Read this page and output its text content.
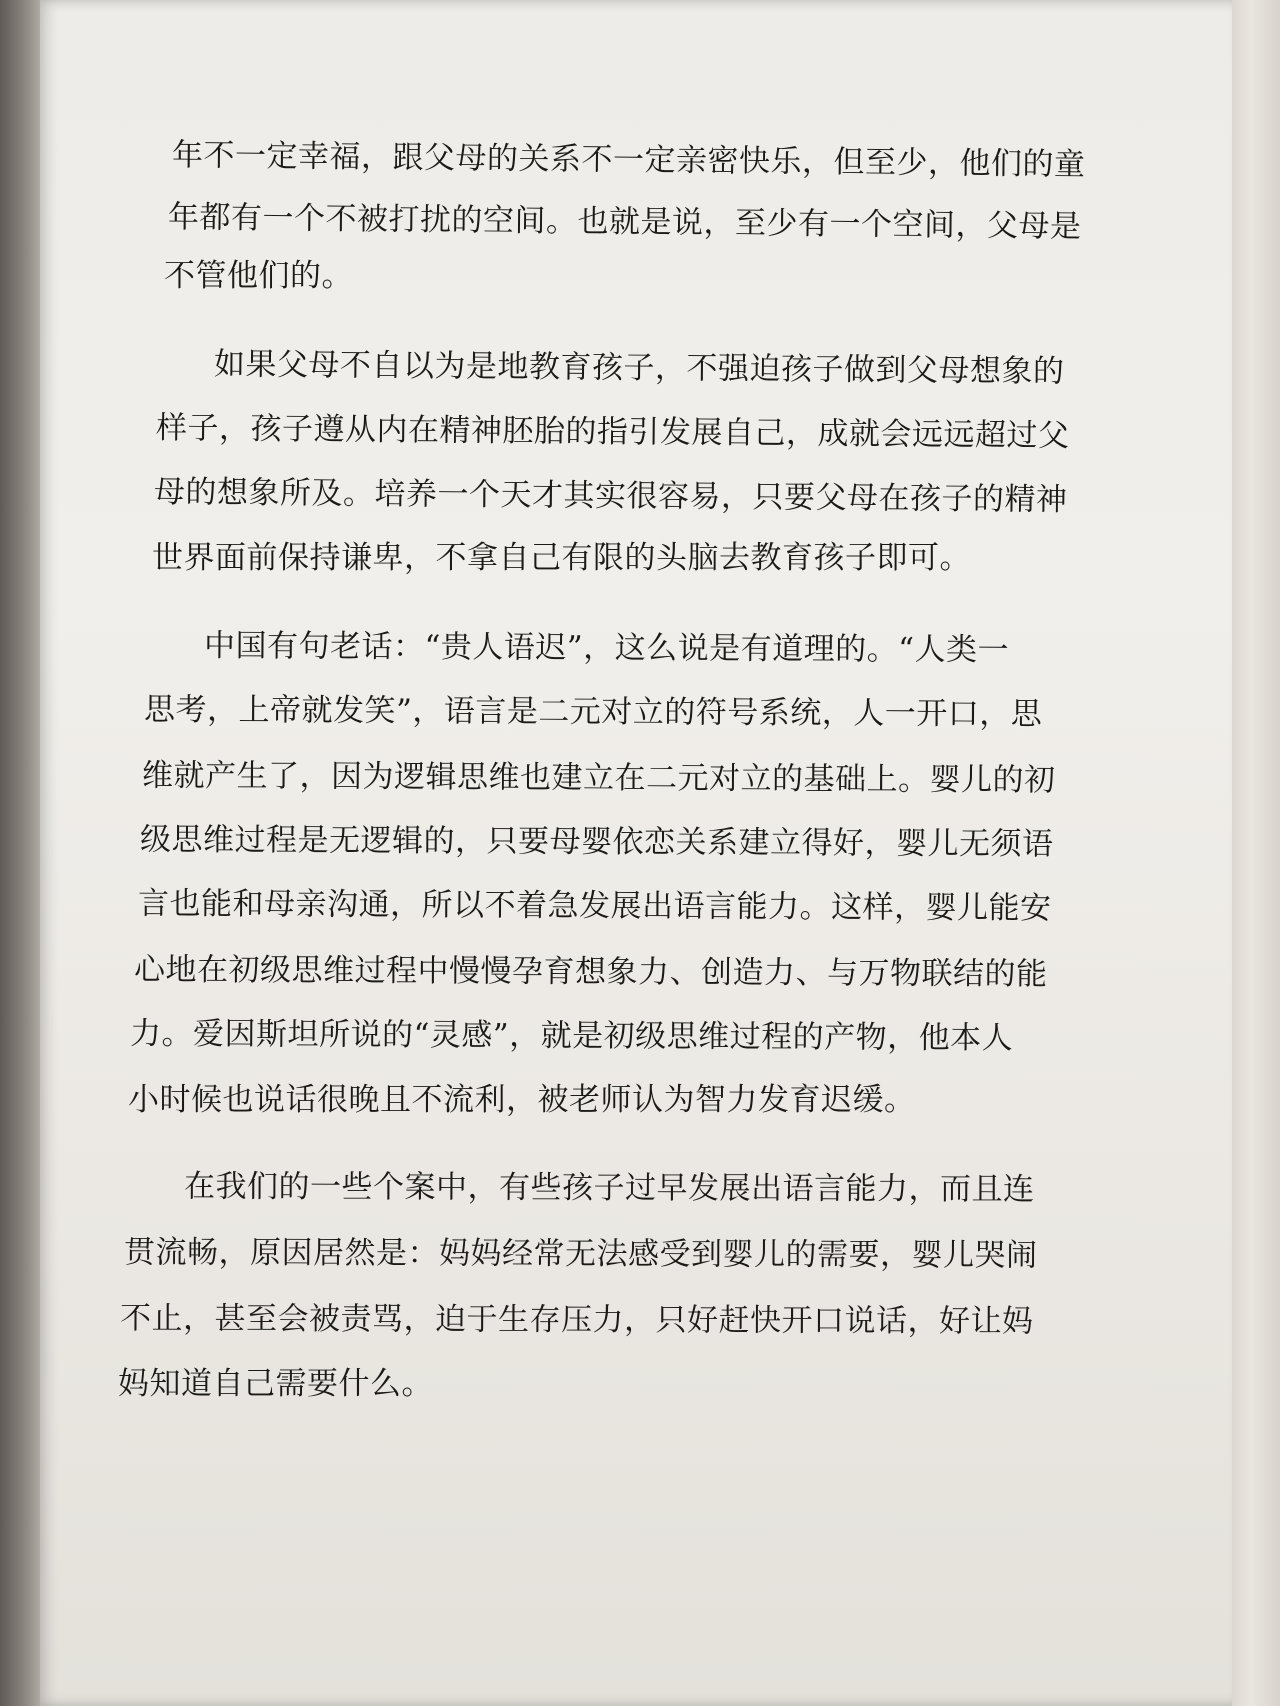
年不一定幸福，跟父母的关系不一定亲密快乐，但至少，他们的童
年都有一个不被打扰的空间。也就是说，至少有一个空间，父母是
不管他们的。
如果父母不自以为是地教育孩子，不强迫孩子做到父母想象的
样子，孩子遵从内在精神胚胎的指引发展自己，成就会远远超过父
母的想象所及。培养一个天才其实很容易，只要父母在孩子的精神
世界面前保持谦卑，不拿自己有限的头脑去教育孩子即可。
中国有句老话：“贵人语迟”，这么说是有道理的。“人类一
思考，上帝就发笑”，语言是二元对立的符号系统，人一开口，思
维就产生了，因为逻辑思维也建立在二元对立的基础上。婴儿的初
级思维过程是无逻辑的，只要母婴依恋关系建立得好，婴儿无须语
言也能和母亲沟通，所以不着急发展出语言能力。这样，婴儿能安
心地在初级思维过程中慢慢孕育想象力、创造力、与万物联结的能
力。爱因斯坦所说的“灵感”，就是初级思维过程的产物，他本人
小时候也说话很晚且不流利，被老师认为智力发育迟缓。
在我们的一些个案中，有些孩子过早发展出语言能力，而且连
贯流畅，原因居然是：妈妈经常无法感受到婴儿的需要，婴儿哭闹
不止，甚至会被责骂，迫于生存压力，只好赶快开口说话，好让妈
妈知道自己需要什么。
